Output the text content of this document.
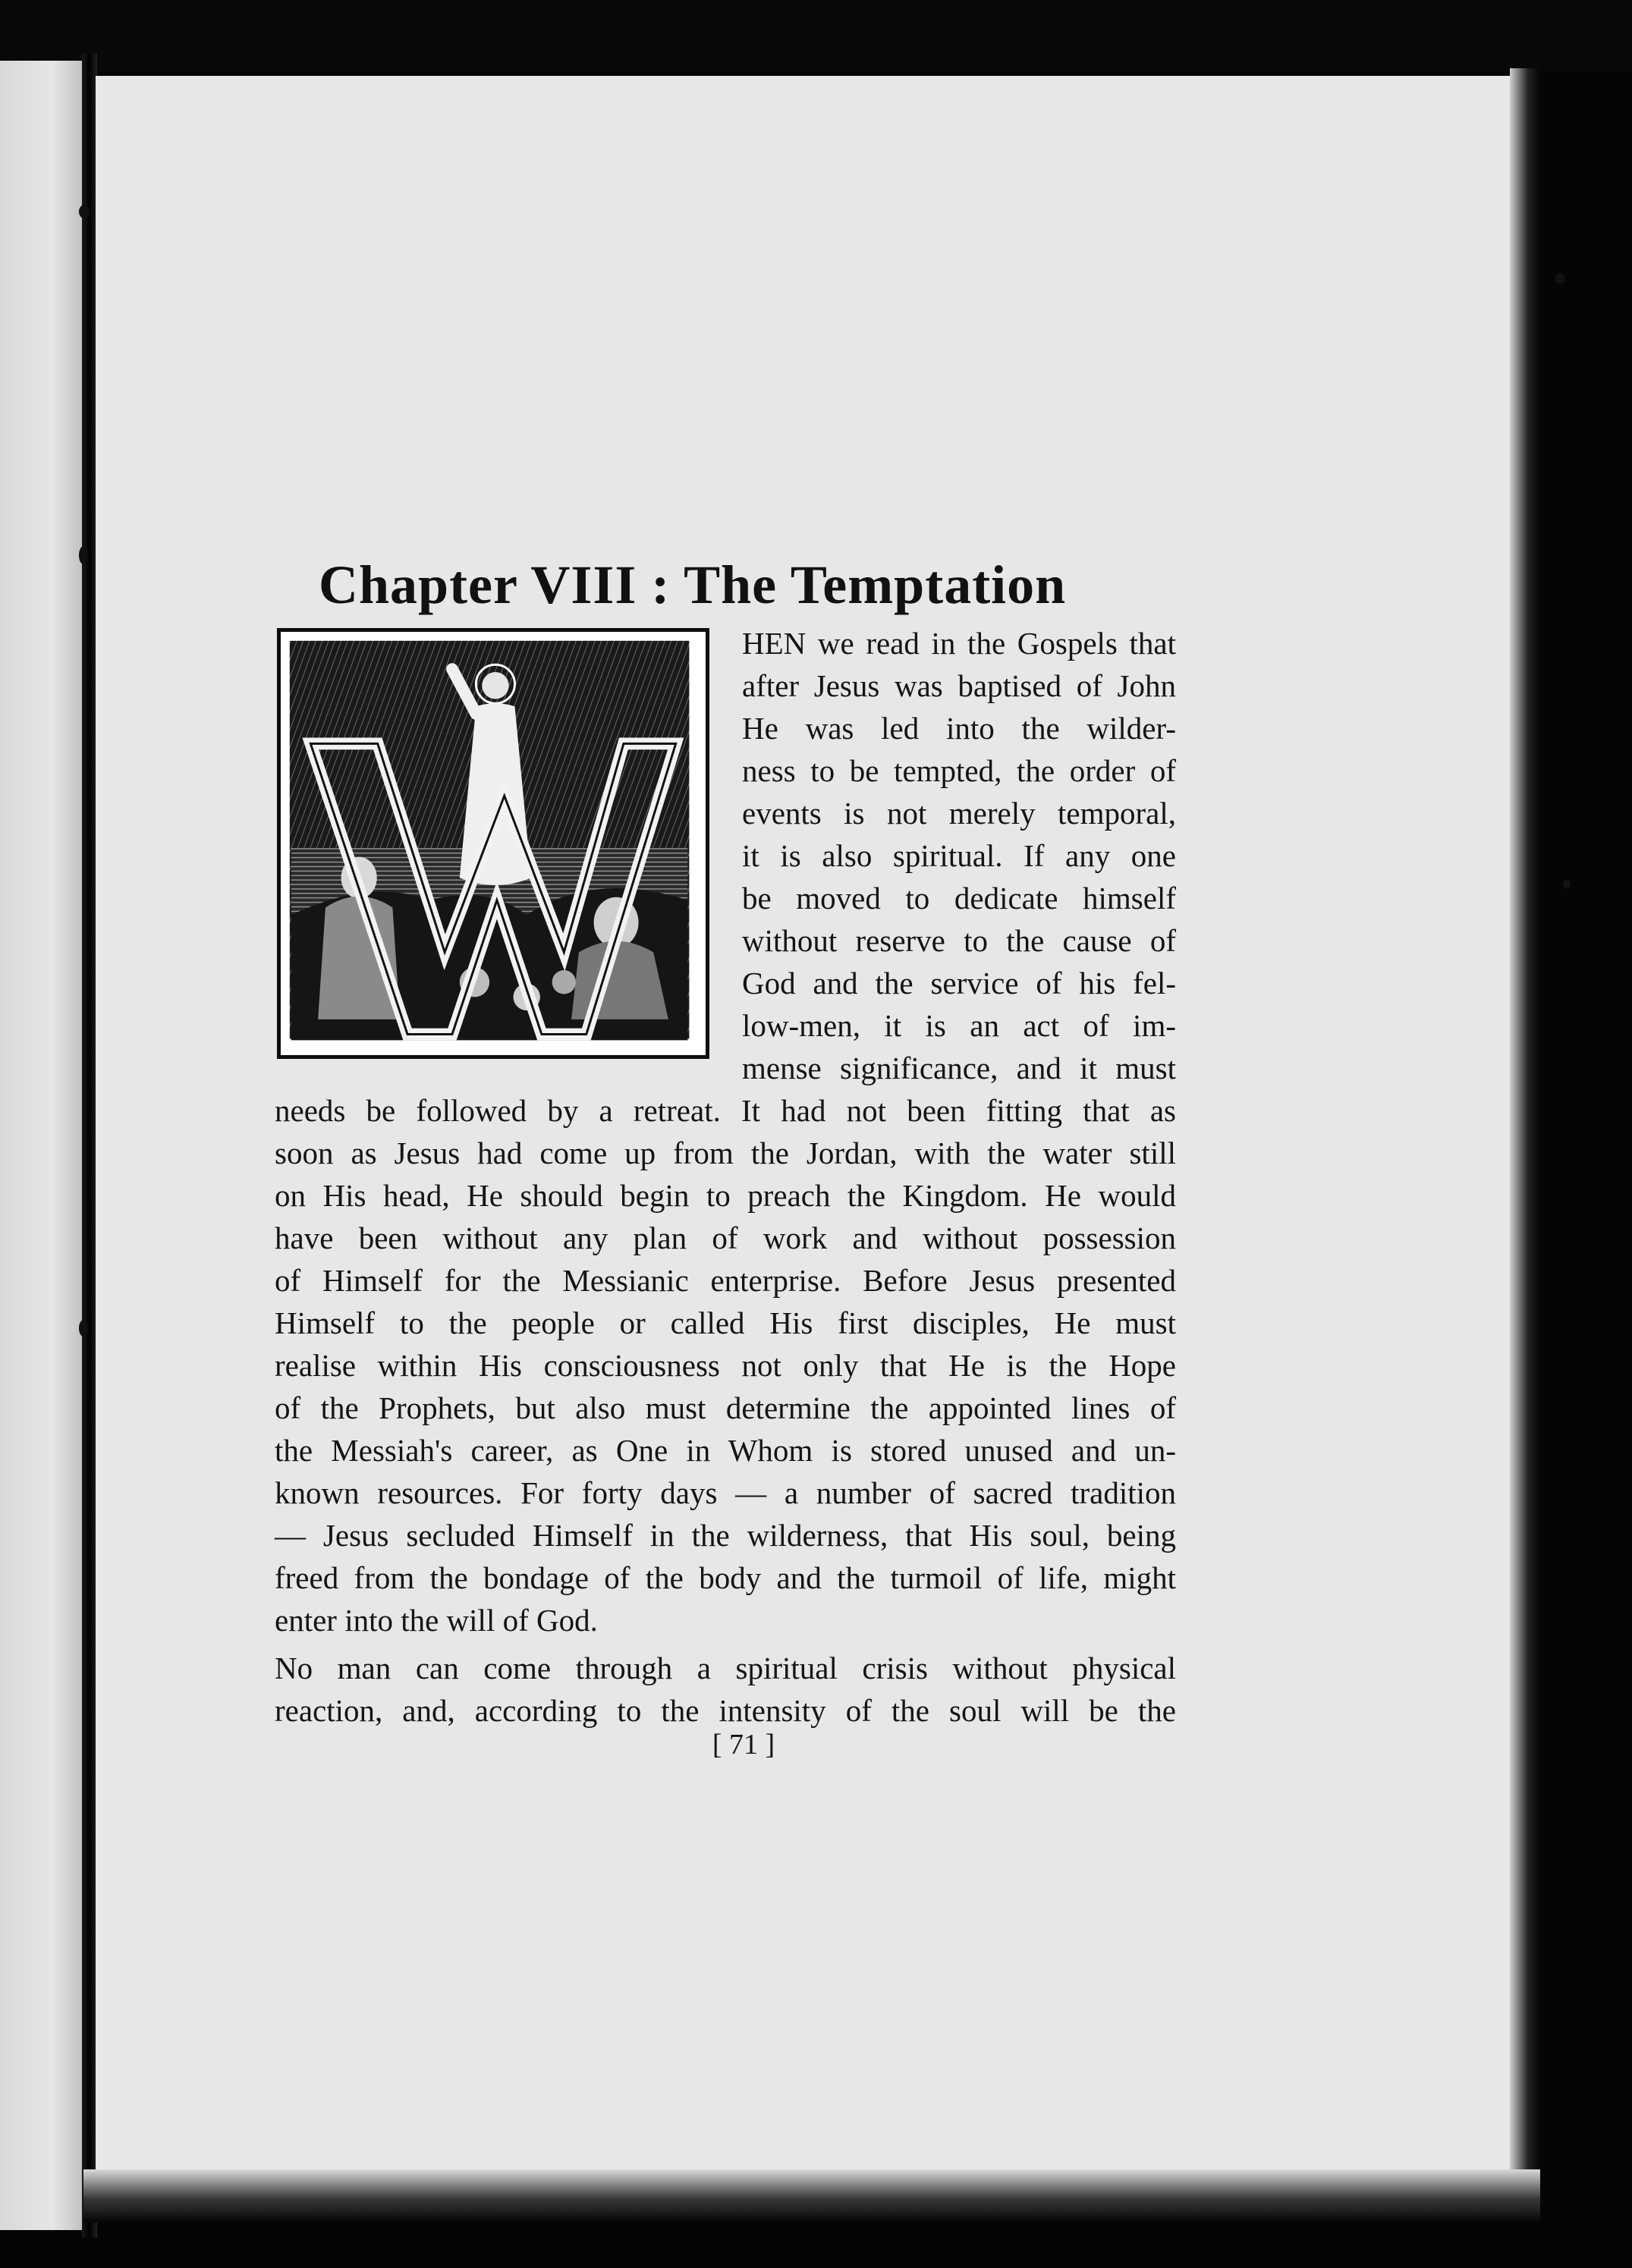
Chapter VIII : The Temptation
HEN we read in the Gospels that
after Jesus was baptised of John
He was led into the wilder-
ness to be tempted, the order of
events is not merely temporal,
it is also spiritual. If any one
be moved to dedicate himself
without reserve to the cause of
God and the service of his fel-
low-men, it is an act of im-
mense significance, and it must
needs be followed by a retreat. It had not been fitting that as
soon as Jesus had come up from the Jordan, with the water still
on His head, He should begin to preach the Kingdom. He would
have been without any plan of work and without possession
of Himself for the Messianic enterprise. Before Jesus presented
Himself to the people or called His first disciples, He must
realise within His consciousness not only that He is the Hope
of the Prophets, but also must determine the appointed lines of
the Messiah's career, as One in Whom is stored unused and un-
known resources. For forty days — a number of sacred tradition
— Jesus secluded Himself in the wilderness, that His soul, being
freed from the bondage of the body and the turmoil of life, might
enter into the will of God.
No man can come through a spiritual crisis without physical
reaction, and, according to the intensity of the soul will be the
[ 71 ]
